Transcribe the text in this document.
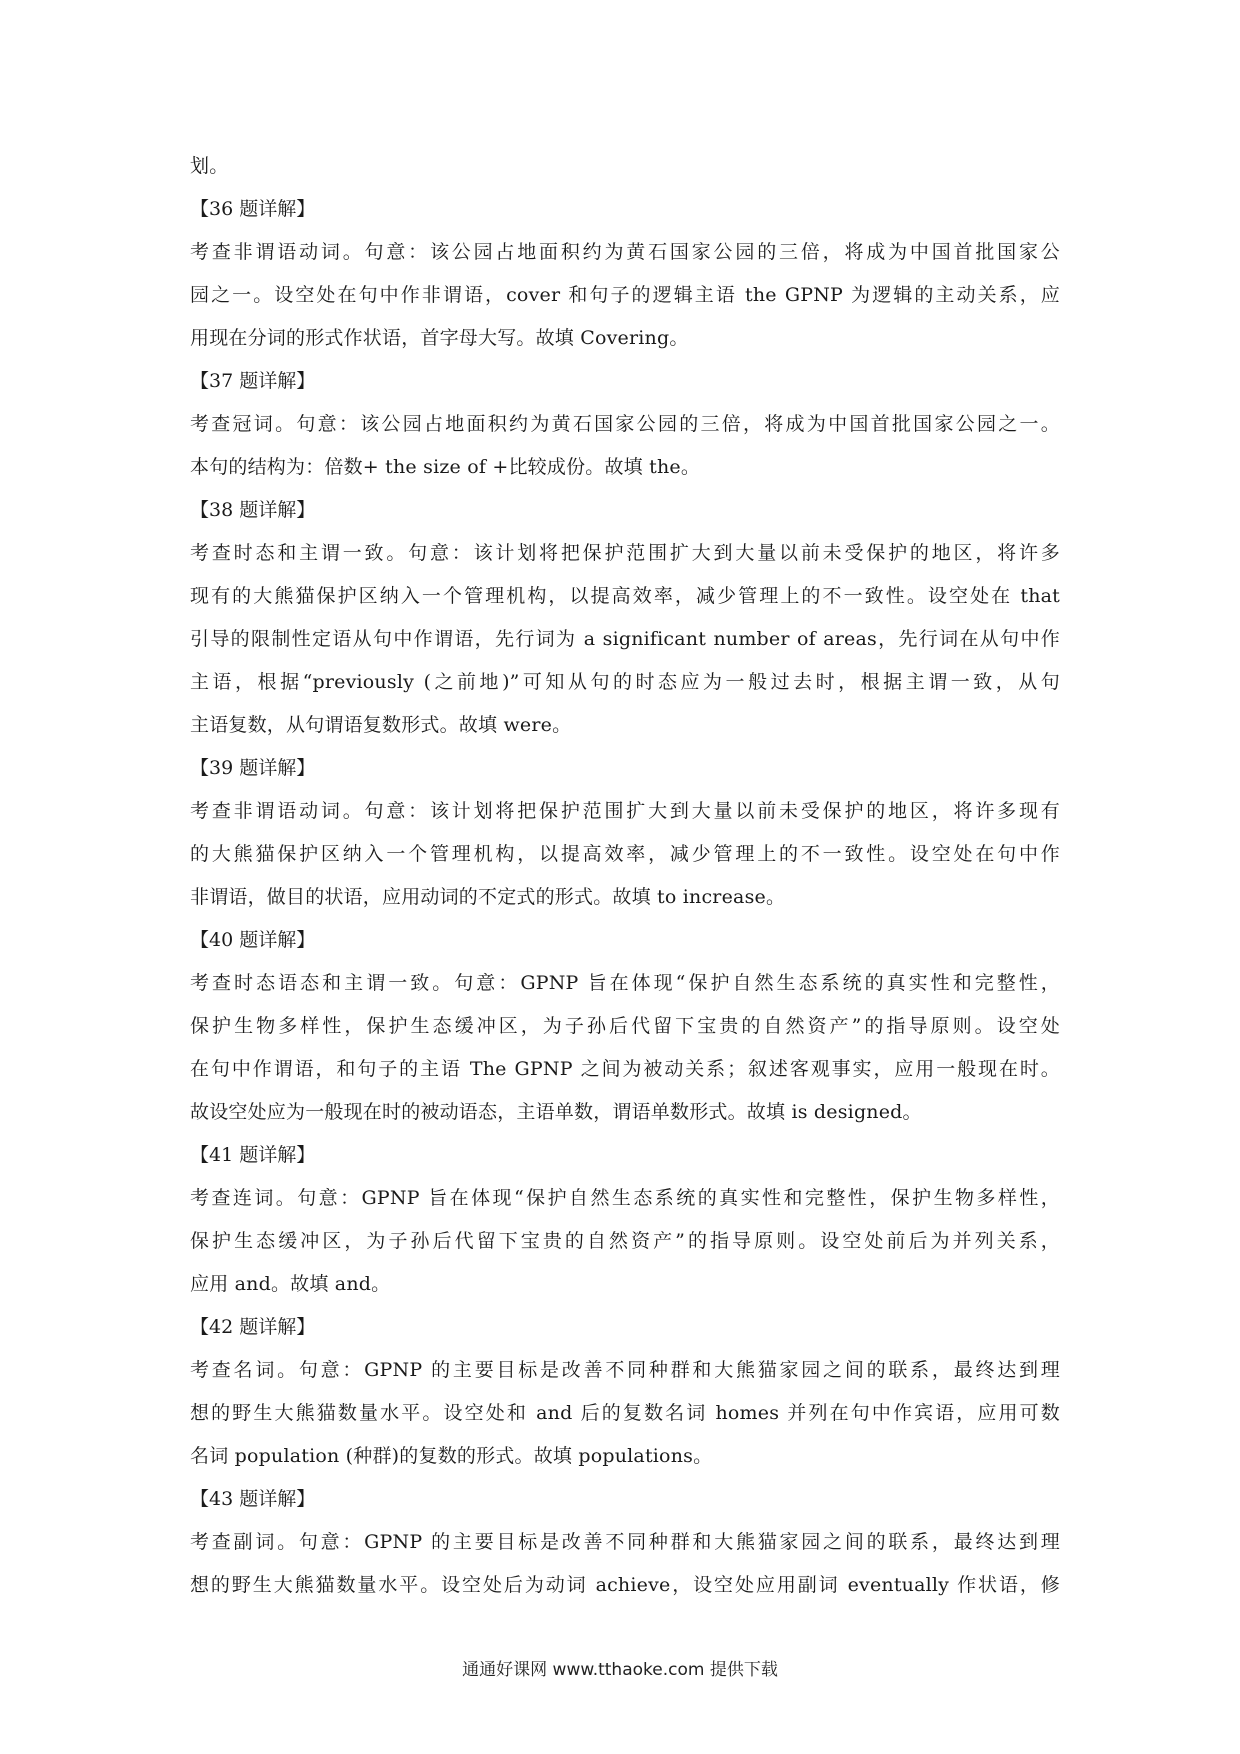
划。
【36 题详解】
考查非谓语动词。句意：该公园占地面积约为黄石国家公园的三倍，将成为中国首批国家公
园之一。设空处在句中作非谓语，cover 和句子的逻辑主语 the GPNP 为逻辑的主动关系，应
用现在分词的形式作状语，首字母大写。故填 Covering。
【37 题详解】
考查冠词。句意：该公园占地面积约为黄石国家公园的三倍，将成为中国首批国家公园之一。
本句的结构为：倍数+ the size of +比较成份。故填 the。
【38 题详解】
考查时态和主谓一致。句意：该计划将把保护范围扩大到大量以前未受保护的地区，将许多
现有的大熊猫保护区纳入一个管理机构，以提高效率，减少管理上的不一致性。设空处在 that
引导的限制性定语从句中作谓语，先行词为 a significant number of areas，先行词在从句中作
主语，根据“previously (之前地)”可知从句的时态应为一般过去时，根据主谓一致，从句
主语复数，从句谓语复数形式。故填 were。
【39 题详解】
考查非谓语动词。句意：该计划将把保护范围扩大到大量以前未受保护的地区，将许多现有
的大熊猫保护区纳入一个管理机构，以提高效率，减少管理上的不一致性。设空处在句中作
非谓语，做目的状语，应用动词的不定式的形式。故填 to increase。
【40 题详解】
考查时态语态和主谓一致。句意：GPNP 旨在体现“保护自然生态系统的真实性和完整性，
保护生物多样性，保护生态缓冲区，为子孙后代留下宝贵的自然资产”的指导原则。设空处
在句中作谓语，和句子的主语 The GPNP 之间为被动关系；叙述客观事实，应用一般现在时。
故设空处应为一般现在时的被动语态，主语单数，谓语单数形式。故填 is designed。
【41 题详解】
考查连词。句意：GPNP 旨在体现“保护自然生态系统的真实性和完整性，保护生物多样性，
保护生态缓冲区，为子孙后代留下宝贵的自然资产”的指导原则。设空处前后为并列关系，
应用 and。故填 and。
【42 题详解】
考查名词。句意：GPNP 的主要目标是改善不同种群和大熊猫家园之间的联系，最终达到理
想的野生大熊猫数量水平。设空处和 and 后的复数名词 homes 并列在句中作宾语，应用可数
名词 population (种群)的复数的形式。故填 populations。
【43 题详解】
考查副词。句意：GPNP 的主要目标是改善不同种群和大熊猫家园之间的联系，最终达到理
想的野生大熊猫数量水平。设空处后为动词 achieve，设空处应用副词 eventually 作状语，修
通通好课网 www.tthaoke.com 提供下载
